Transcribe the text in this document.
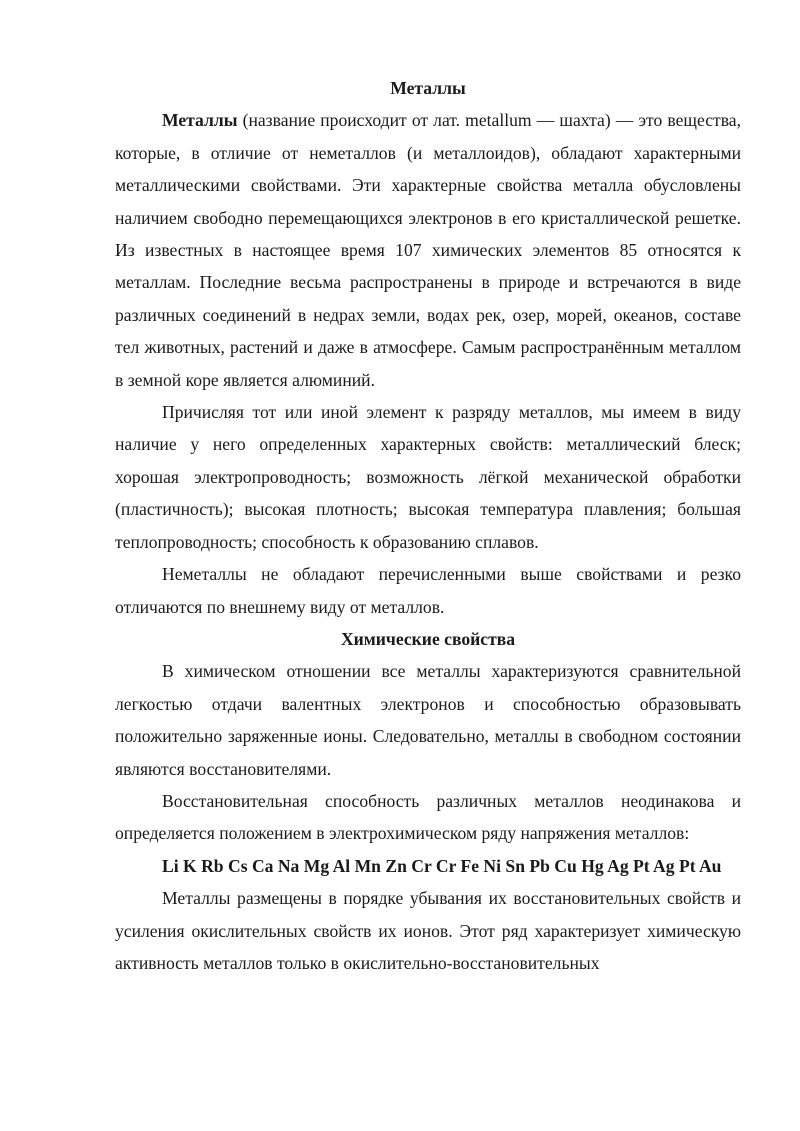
Металлы

Металлы (название происходит от лат. metallum — шахта) — это вещества, которые, в отличие от неметаллов (и металлоидов), обладают характерными металлическими свойствами. Эти характерные свойства металла обусловлены наличием свободно перемещающихся электронов в его кристаллической решетке. Из известных в настоящее время 107 химических элементов 85 относятся к металлам. Последние весьма распространены в природе и встречаются в виде различных соединений в недрах земли, водах рек, озер, морей, океанов, составе тел животных, растений и даже в атмосфере. Самым распространённым металлом в земной коре является алюминий.

Причисляя тот или иной элемент к разряду металлов, мы имеем в виду наличие у него определенных характерных свойств: металлический блеск; хорошая электропроводность; возможность лёгкой механической обработки (пластичность); высокая плотность; высокая температура плавления; большая теплопроводность; способность к образованию сплавов.

Неметаллы не обладают перечисленными выше свойствами и резко отличаются по внешнему виду от металлов.

Химические свойства

В химическом отношении все металлы характеризуются сравнительной легкостью отдачи валентных электронов и способностью образовывать положительно заряженные ионы. Следовательно, металлы в свободном состоянии являются восстановителями.

Восстановительная способность различных металлов неодинакова и определяется положением в электрохимическом ряду напряжения металлов:

Li K Rb Cs Ca Na Mg Al Mn Zn Cr Cr Fe Ni Sn Pb Cu Hg Ag Pt Ag Pt Au

Металлы размещены в порядке убывания их восстановительных свойств и усиления окислительных свойств их ионов. Этот ряд характеризует химическую активность металлов только в окислительно-восстановительных
